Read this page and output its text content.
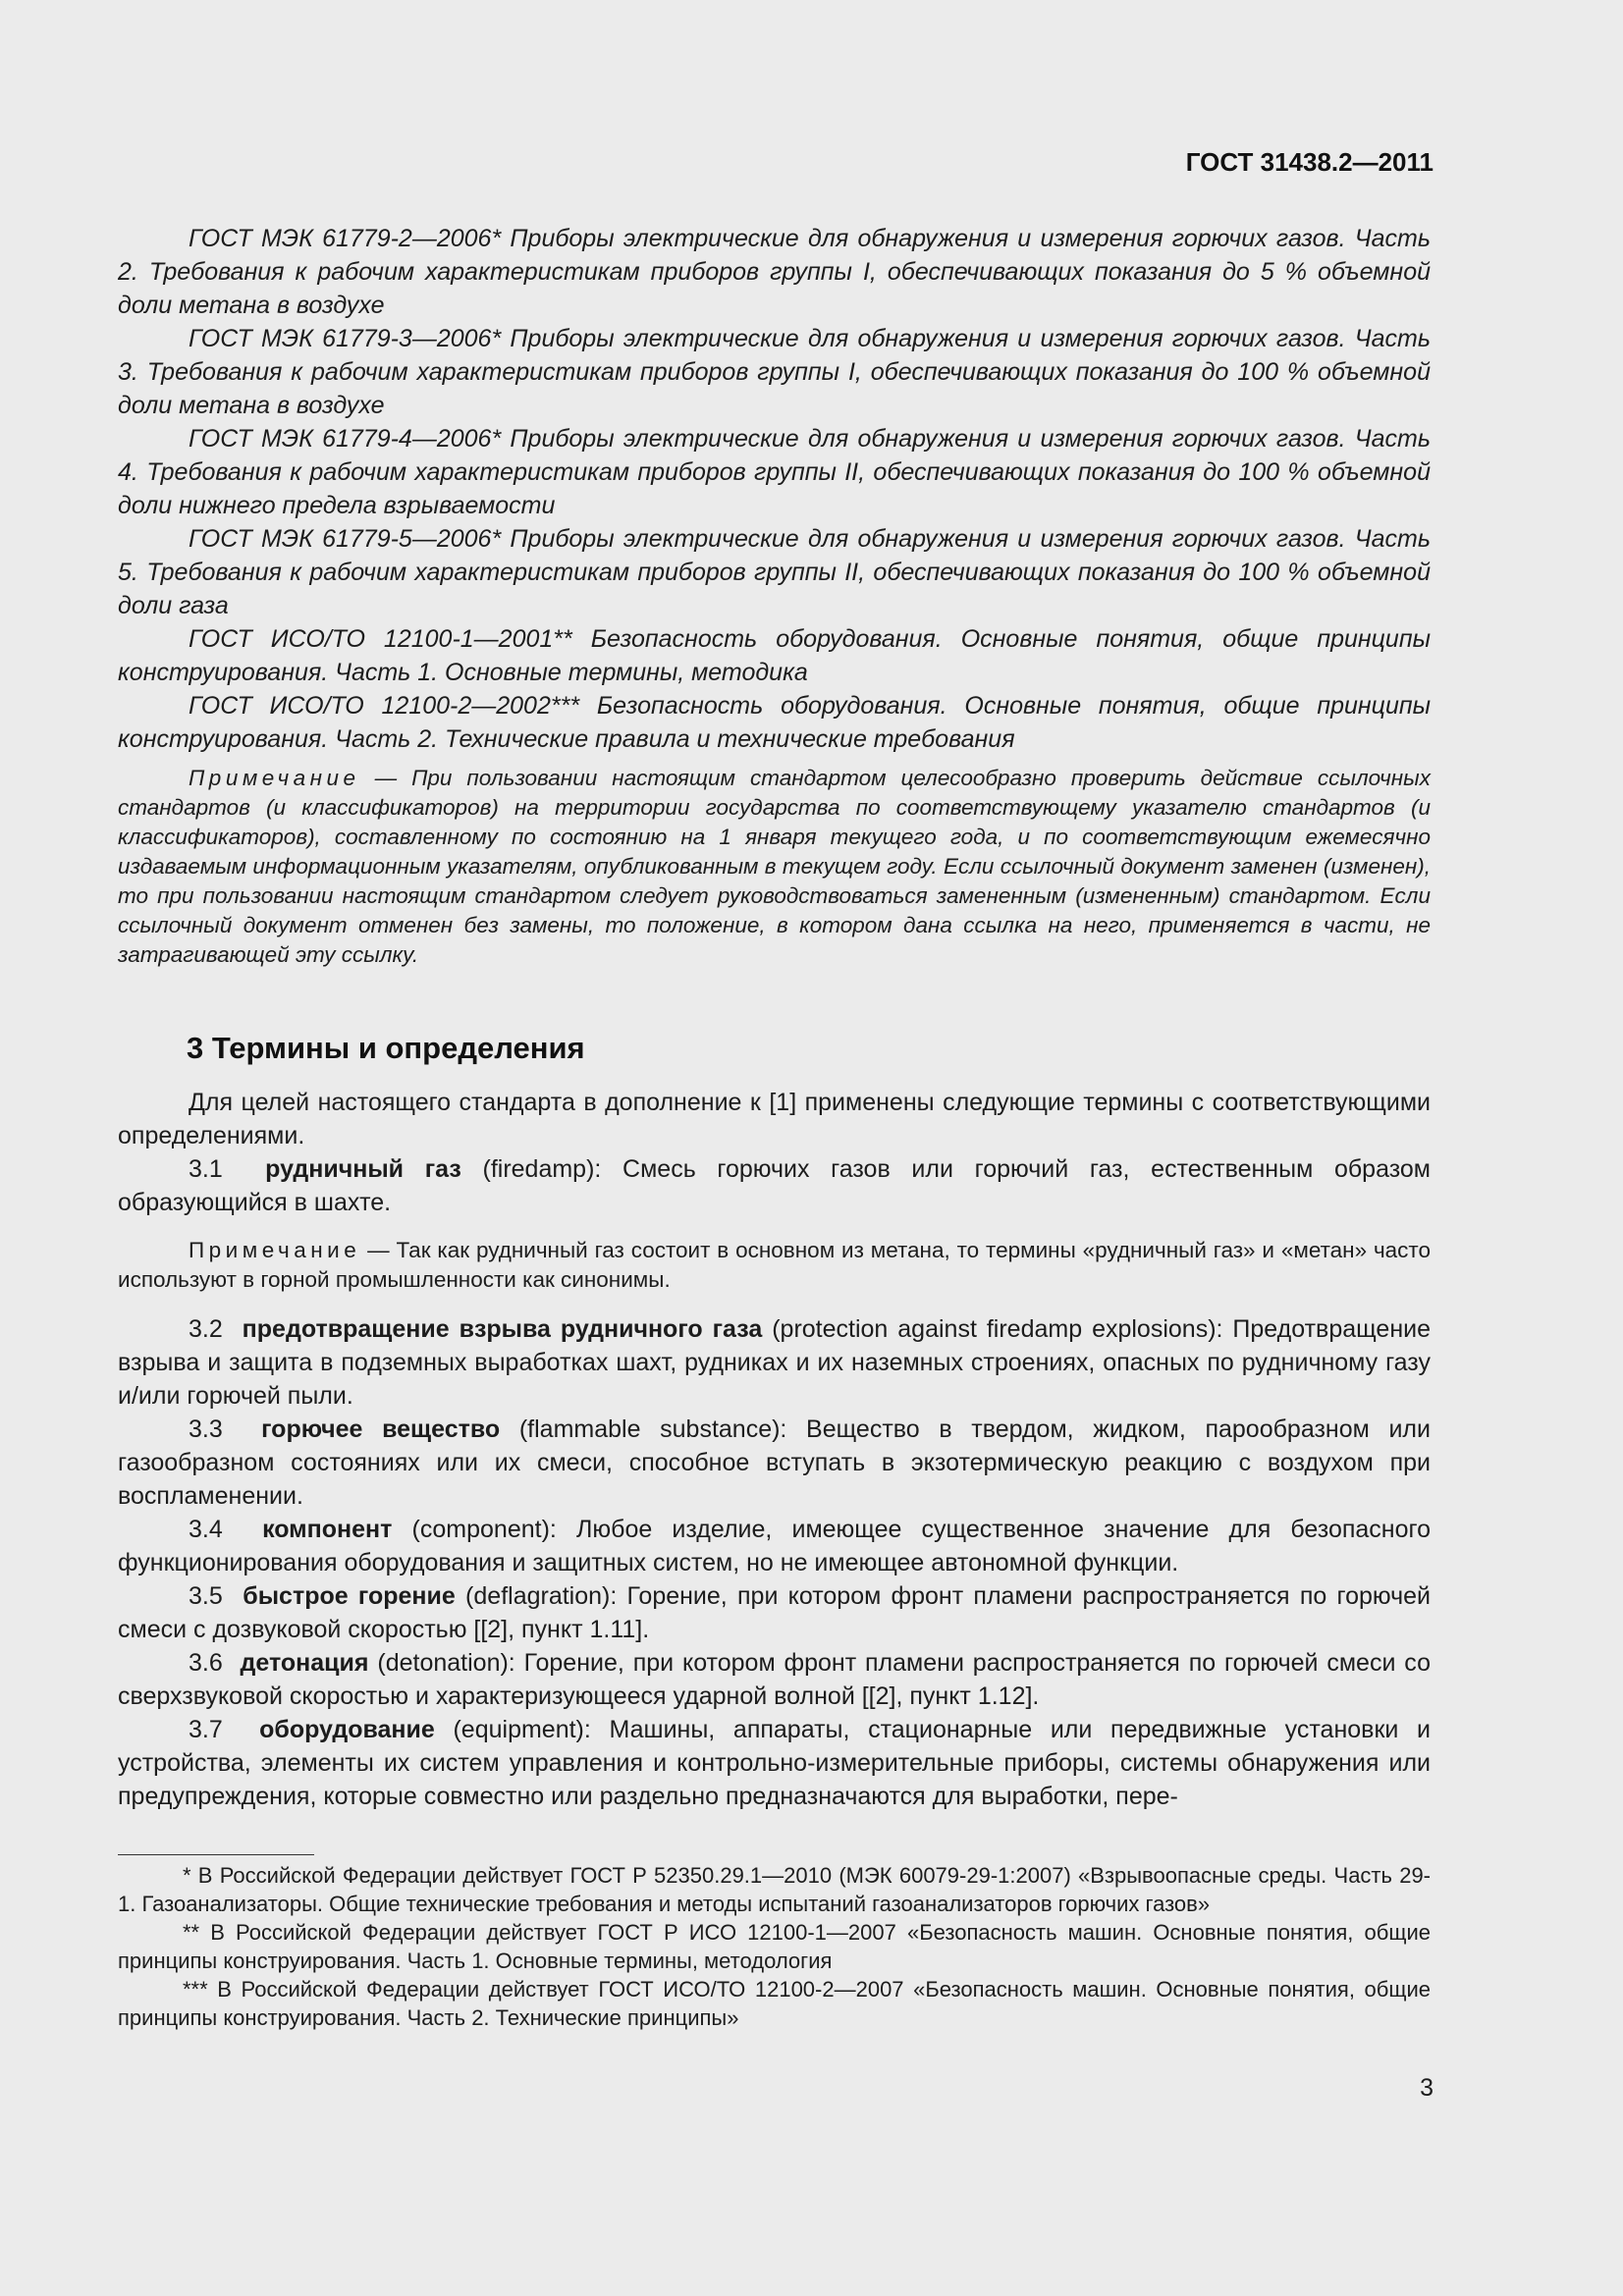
ГОСТ 31438.2—2011

ГОСТ МЭК 61779-2—2006* Приборы электрические для обнаружения и измерения горючих газов. Часть 2. Требования к рабочим характеристикам приборов группы I, обеспечивающих показания до 5 % объемной доли метана в воздухе

ГОСТ МЭК 61779-3—2006* Приборы электрические для обнаружения и измерения горючих газов. Часть 3. Требования к рабочим характеристикам приборов группы I, обеспечивающих показания до 100 % объемной доли метана в воздухе

ГОСТ МЭК 61779-4—2006* Приборы электрические для обнаружения и измерения горючих газов. Часть 4. Требования к рабочим характеристикам приборов группы II, обеспечивающих показания до 100 % объемной доли нижнего предела взрываемости

ГОСТ МЭК 61779-5—2006* Приборы электрические для обнаружения и измерения горючих газов. Часть 5. Требования к рабочим характеристикам приборов группы II, обеспечивающих показания до 100 % объемной доли газа

ГОСТ ИСО/ТО 12100-1—2001** Безопасность оборудования. Основные понятия, общие принципы конструирования. Часть 1. Основные термины, методика

ГОСТ ИСО/ТО 12100-2—2002*** Безопасность оборудования. Основные понятия, общие принципы конструирования. Часть 2. Технические правила и технические требования

Примечание — При пользовании настоящим стандартом целесообразно проверить действие ссылочных стандартов (и классификаторов) на территории государства по соответствующему указателю стандартов (и классификаторов), составленному по состоянию на 1 января текущего года, и по соответствующим ежемесячно издаваемым информационным указателям, опубликованным в текущем году. Если ссылочный документ заменен (изменен), то при пользовании настоящим стандартом следует руководствоваться замененным (измененным) стандартом. Если ссылочный документ отменен без замены, то положение, в котором дана ссылка на него, применяется в части, не затрагивающей эту ссылку.

3 Термины и определения

Для целей настоящего стандарта в дополнение к [1] применены следующие термины с соответствующими определениями.

3.1 рудничный газ (firedamp): Смесь горючих газов или горючий газ, естественным образом образующийся в шахте.

Примечание — Так как рудничный газ состоит в основном из метана, то термины «рудничный газ» и «метан» часто используют в горной промышленности как синонимы.

3.2 предотвращение взрыва рудничного газа (protection against firedamp explosions): Предотвращение взрыва и защита в подземных выработках шахт, рудниках и их наземных строениях, опасных по рудничному газу и/или горючей пыли.

3.3 горючее вещество (flammable substance): Вещество в твердом, жидком, парообразном или газообразном состояниях или их смеси, способное вступать в экзотермическую реакцию с воздухом при воспламенении.

3.4 компонент (component): Любое изделие, имеющее существенное значение для безопасного функционирования оборудования и защитных систем, но не имеющее автономной функции.

3.5 быстрое горение (deflagration): Горение, при котором фронт пламени распространяется по горючей смеси с дозвуковой скоростью [[2], пункт 1.11].

3.6 детонация (detonation): Горение, при котором фронт пламени распространяется по горючей смеси со сверхзвуковой скоростью и характеризующееся ударной волной [[2], пункт 1.12].

3.7 оборудование (equipment): Машины, аппараты, стационарные или передвижные установки и устройства, элементы их систем управления и контрольно-измерительные приборы, системы обнаружения или предупреждения, которые совместно или раздельно предназначаются для выработки, пере-

* В Российской Федерации действует ГОСТ Р 52350.29.1—2010 (МЭК 60079-29-1:2007) «Взрывоопасные среды. Часть 29-1. Газоанализаторы. Общие технические требования и методы испытаний газоанализаторов горючих газов»

** В Российской Федерации действует ГОСТ Р ИСО 12100-1—2007 «Безопасность машин. Основные понятия, общие принципы конструирования. Часть 1. Основные термины, методология

*** В Российской Федерации действует ГОСТ ИСО/ТО 12100-2—2007 «Безопасность машин. Основные понятия, общие принципы конструирования. Часть 2. Технические принципы»

3
